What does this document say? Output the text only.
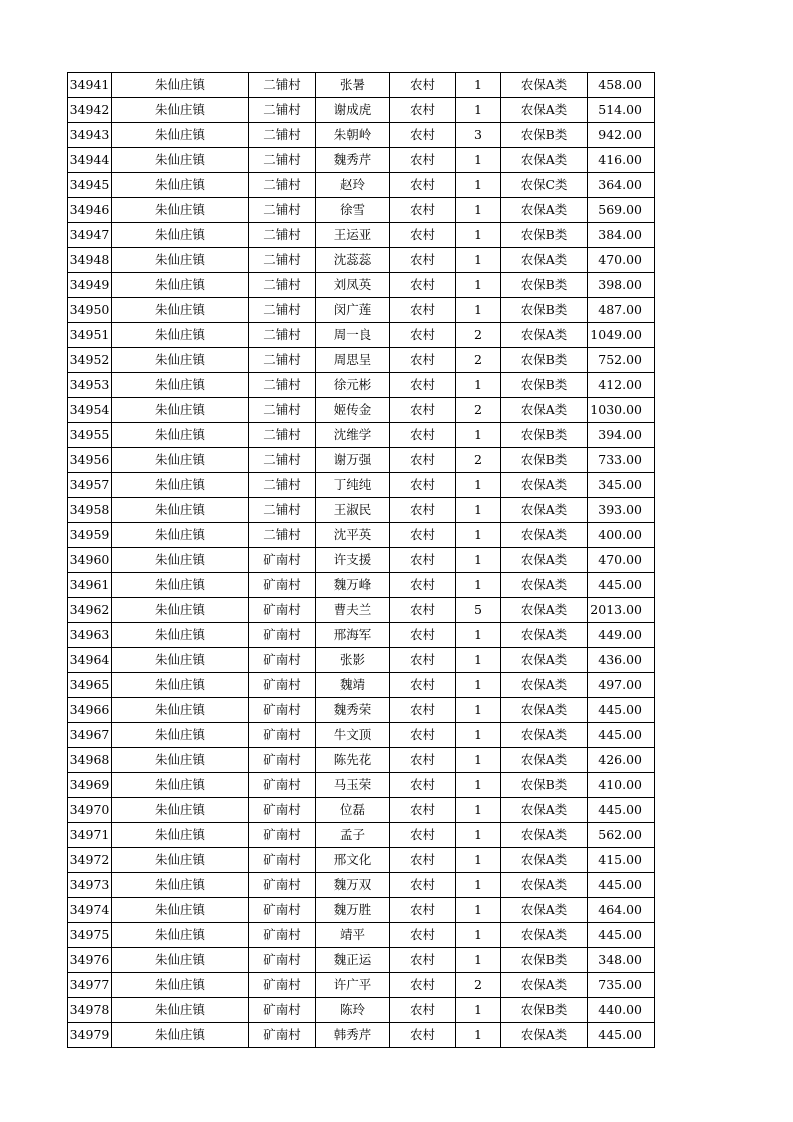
34941	朱仙庄镇	二铺村	张暑	农村	1	农保A类	458.00
34942	朱仙庄镇	二铺村	谢成虎	农村	1	农保A类	514.00
34943	朱仙庄镇	二铺村	朱朝岭	农村	3	农保B类	942.00
34944	朱仙庄镇	二铺村	魏秀芹	农村	1	农保A类	416.00
34945	朱仙庄镇	二铺村	赵玲	农村	1	农保C类	364.00
34946	朱仙庄镇	二铺村	徐雪	农村	1	农保A类	569.00
34947	朱仙庄镇	二铺村	王运亚	农村	1	农保B类	384.00
34948	朱仙庄镇	二铺村	沈蕊蕊	农村	1	农保A类	470.00
34949	朱仙庄镇	二铺村	刘凤英	农村	1	农保B类	398.00
34950	朱仙庄镇	二铺村	闵广莲	农村	1	农保B类	487.00
34951	朱仙庄镇	二铺村	周一良	农村	2	农保A类	1049.00
34952	朱仙庄镇	二铺村	周思呈	农村	2	农保B类	752.00
34953	朱仙庄镇	二铺村	徐元彬	农村	1	农保B类	412.00
34954	朱仙庄镇	二铺村	姬传金	农村	2	农保A类	1030.00
34955	朱仙庄镇	二铺村	沈维学	农村	1	农保B类	394.00
34956	朱仙庄镇	二铺村	谢万强	农村	2	农保B类	733.00
34957	朱仙庄镇	二铺村	丁纯纯	农村	1	农保A类	345.00
34958	朱仙庄镇	二铺村	王淑民	农村	1	农保A类	393.00
34959	朱仙庄镇	二铺村	沈平英	农村	1	农保A类	400.00
34960	朱仙庄镇	矿南村	许支援	农村	1	农保A类	470.00
34961	朱仙庄镇	矿南村	魏万峰	农村	1	农保A类	445.00
34962	朱仙庄镇	矿南村	曹夫兰	农村	5	农保A类	2013.00
34963	朱仙庄镇	矿南村	邢海军	农村	1	农保A类	449.00
34964	朱仙庄镇	矿南村	张影	农村	1	农保A类	436.00
34965	朱仙庄镇	矿南村	魏靖	农村	1	农保A类	497.00
34966	朱仙庄镇	矿南村	魏秀荣	农村	1	农保A类	445.00
34967	朱仙庄镇	矿南村	牛文顶	农村	1	农保A类	445.00
34968	朱仙庄镇	矿南村	陈先花	农村	1	农保A类	426.00
34969	朱仙庄镇	矿南村	马玉荣	农村	1	农保B类	410.00
34970	朱仙庄镇	矿南村	位磊	农村	1	农保A类	445.00
34971	朱仙庄镇	矿南村	孟子	农村	1	农保A类	562.00
34972	朱仙庄镇	矿南村	邢文化	农村	1	农保A类	415.00
34973	朱仙庄镇	矿南村	魏万双	农村	1	农保A类	445.00
34974	朱仙庄镇	矿南村	魏万胜	农村	1	农保A类	464.00
34975	朱仙庄镇	矿南村	靖平	农村	1	农保A类	445.00
34976	朱仙庄镇	矿南村	魏正运	农村	1	农保B类	348.00
34977	朱仙庄镇	矿南村	许广平	农村	2	农保A类	735.00
34978	朱仙庄镇	矿南村	陈玲	农村	1	农保B类	440.00
34979	朱仙庄镇	矿南村	韩秀芹	农村	1	农保A类	445.00
